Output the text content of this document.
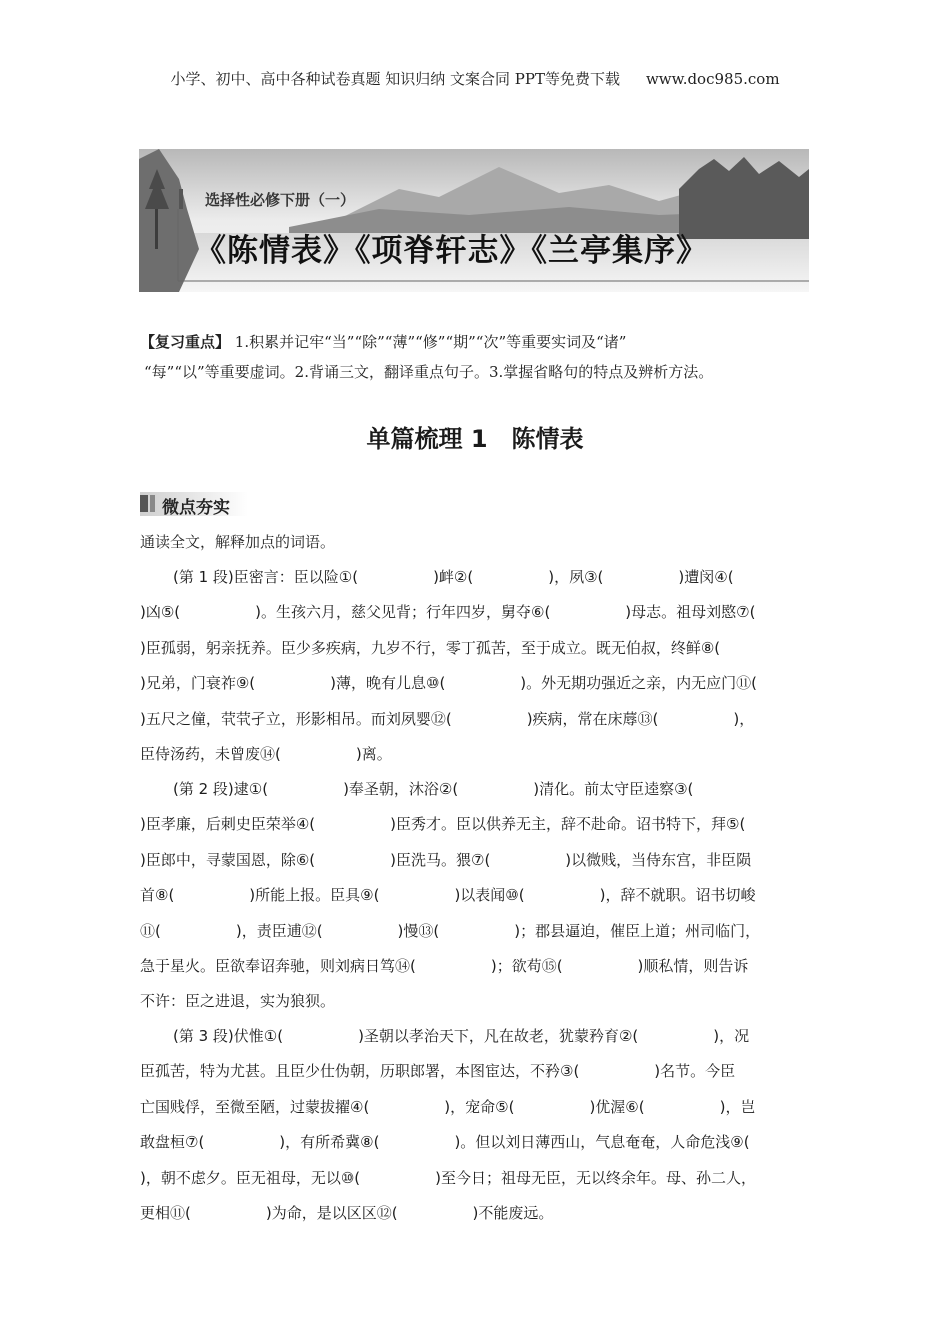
小学、初中、高中各种试卷真题 知识归纳 文案合同 PPT等免费下载 www.doc985.com
选择性必修下册（一）
《陈情表》《项脊轩志》《兰亭集序》
【复习重点】 1.积累并记牢“当”“除”“薄”“修”“期”“次”等重要实词及“诸”
“每”“以”等重要虚词。2.背诵三文，翻译重点句子。3.掌握省略句的特点及辨析方法。
单篇梳理 1　陈情表
微点夯实
通读全文，解释加点的词语。
(第 1 段)臣密言：臣以险①(　　　　　)衅②(　　　　　)，夙③(　　　　　)遭闵④(
)凶⑤(　　　　　)。生孩六月，慈父见背；行年四岁，舅夺⑥(　　　　　)母志。祖母刘愍⑦(
)臣孤弱，躬亲抚养。臣少多疾病，九岁不行，零丁孤苦，至于成立。既无伯叔，终鲜⑧(
)兄弟，门衰祚⑨(　　　　　)薄，晚有儿息⑩(　　　　　)。外无期功强近之亲，内无应门⑪(
)五尺之僮，茕茕孑立，形影相吊。而刘夙婴⑫(　　　　　)疾病，常在床蓐⑬(　　　　　)，
臣侍汤药，未曾废⑭(　　　　　)离。
(第 2 段)逮①(　　　　　)奉圣朝，沐浴②(　　　　　)清化。前太守臣逵察③(
)臣孝廉，后刺史臣荣举④(　　　　　)臣秀才。臣以供养无主，辞不赴命。诏书特下，拜⑤(
)臣郎中，寻蒙国恩，除⑥(　　　　　)臣洗马。猥⑦(　　　　　)以微贱，当侍东宫，非臣陨
首⑧(　　　　　)所能上报。臣具⑨(　　　　　)以表闻⑩(　　　　　)，辞不就职。诏书切峻
⑪(　　　　　)，责臣逋⑫(　　　　　)慢⑬(　　　　　)；郡县逼迫，催臣上道；州司临门，
急于星火。臣欲奉诏奔驰，则刘病日笃⑭(　　　　　)；欲苟⑮(　　　　　)顺私情，则告诉
不许：臣之进退，实为狼狈。
(第 3 段)伏惟①(　　　　　)圣朝以孝治天下，凡在故老，犹蒙矜育②(　　　　　)，况
臣孤苦，特为尤甚。且臣少仕伪朝，历职郎署，本图宦达，不矜③(　　　　　)名节。今臣
亡国贱俘，至微至陋，过蒙拔擢④(　　　　　)，宠命⑤(　　　　　)优渥⑥(　　　　　)，岂
敢盘桓⑦(　　　　　)，有所希冀⑧(　　　　　)。但以刘日薄西山，气息奄奄，人命危浅⑨(
)，朝不虑夕。臣无祖母，无以⑩(　　　　　)至今日；祖母无臣，无以终余年。母、孙二人，
更相⑪(　　　　　)为命，是以区区⑫(　　　　　)不能废远。
